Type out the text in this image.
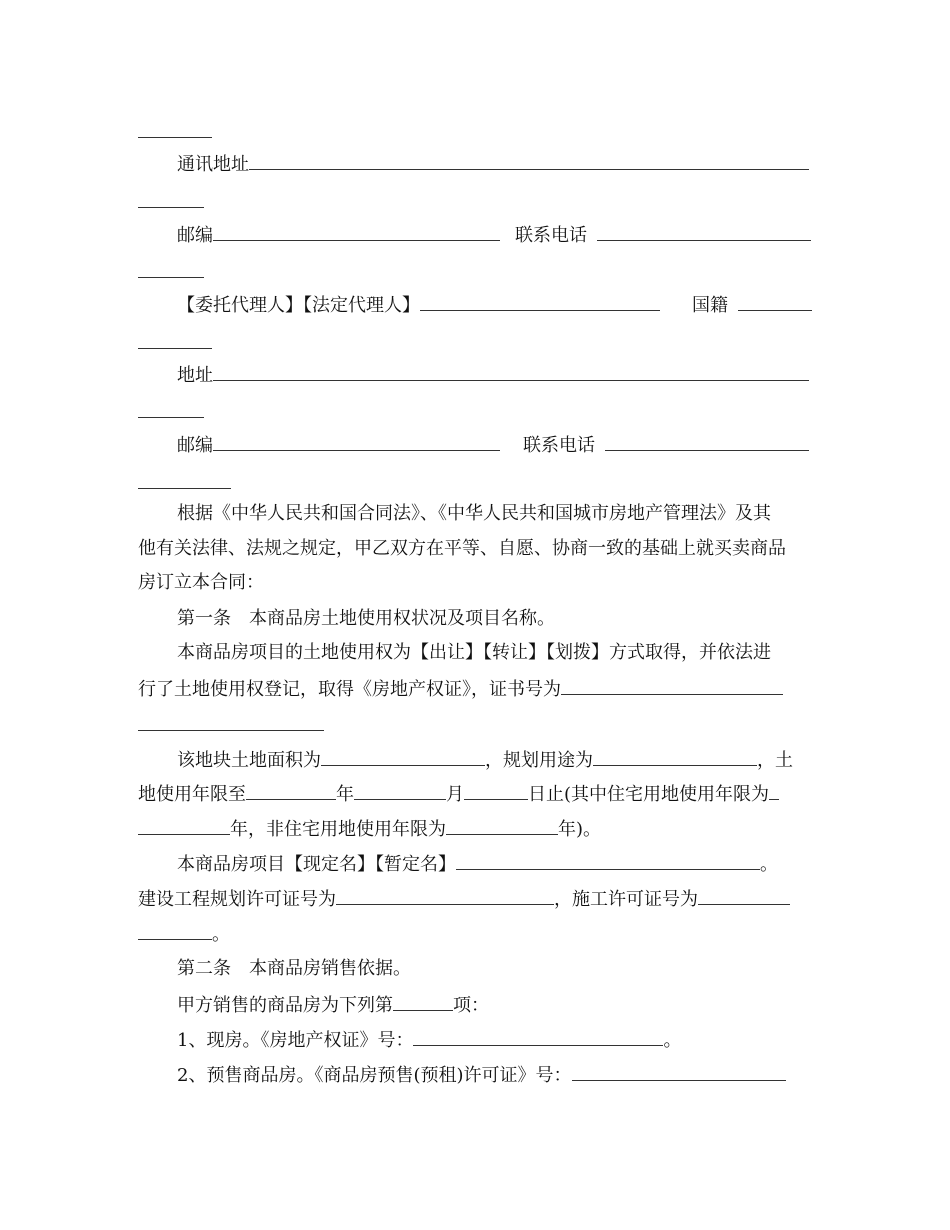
通讯地址
邮编	联系电话
【委托代理人】【法定代理人】	国籍
地址
邮编	联系电话
根据《中华人民共和国合同法》、《中华人民共和国城市房地产管理法》及其
他有关法律、法规之规定，甲乙双方在平等、自愿、协商一致的基础上就买卖商品
房订立本合同：
第一条　本商品房土地使用权状况及项目名称。
本商品房项目的土地使用权为【出让】【转让】【划拨】方式取得，并依法进
行了土地使用权登记，取得《房地产权证》，证书号为
该地块土地面积为	，规划用途为	，土
地使用年限至	年	月	日止(其中住宅用地使用年限为
年，非住宅用地使用年限为	年)。
本商品房项目【现定名】【暂定名】	。
建设工程规划许可证号为	，施工许可证号为
。
第二条　本商品房销售依据。
甲方销售的商品房为下列第	项：
1、现房。《房地产权证》号：	。
2、预售商品房。《商品房预售(预租)许可证》号：
